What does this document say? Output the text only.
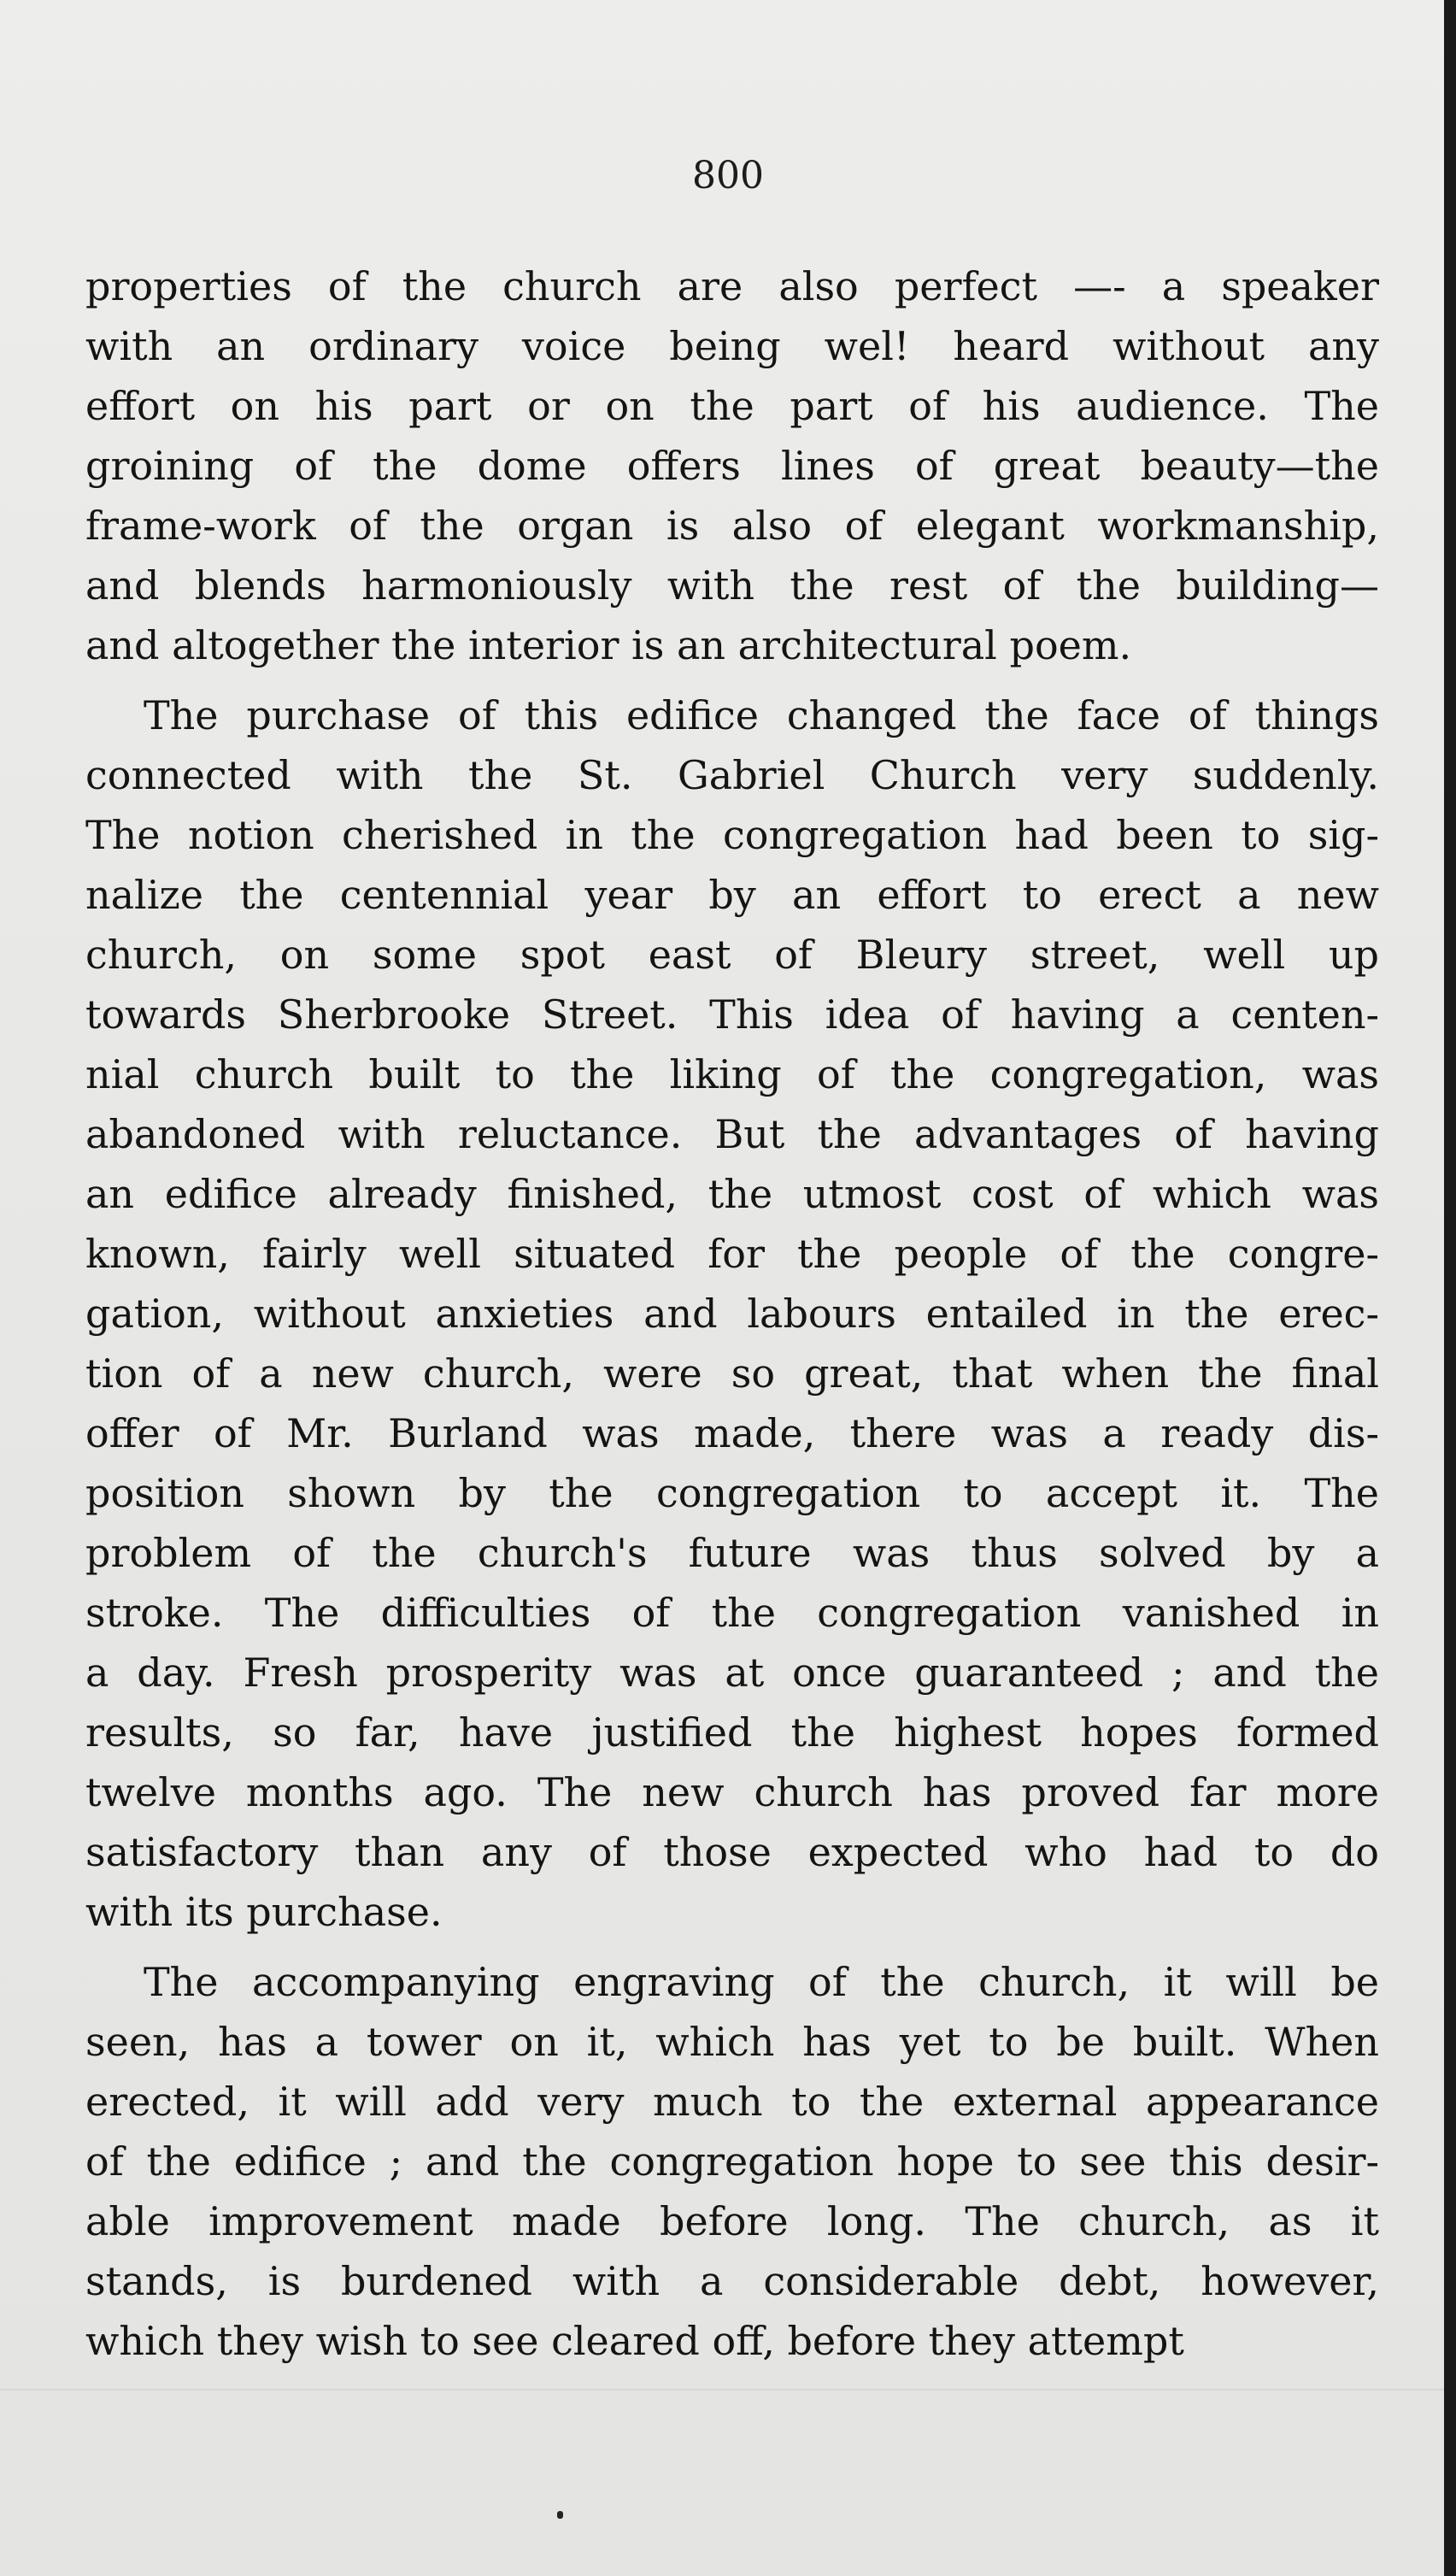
800

properties of the church are also perfect —- a speaker
with an ordinary voice being wel! heard without any
effort on his part or on the part of his audience. The
groining of the dome offers lines of great beauty—the
frame-work of the organ is also of elegant workmanship,
and blends harmoniously with the rest of the building—
and altogether the interior is an architectural poem.
The purchase of this edifice changed the face of things
connected with the St. Gabriel Church very suddenly.
The notion cherished in the congregation had been to sig-
nalize the centennial year by an effort to erect a new
church, on some spot east of Bleury street, well up
towards Sherbrooke Street. This idea of having a centen-
nial church built to the liking of the congregation, was
abandoned with reluctance. But the advantages of having
an edifice already finished, the utmost cost of which was
known, fairly well situated for the people of the congre-
gation, without anxieties and labours entailed in the erec-
tion of a new church, were so great, that when the final
offer of Mr. Burland was made, there was a ready dis-
position shown by the congregation to accept it. The
problem of the church's future was thus solved by a
stroke. The difficulties of the congregation vanished in
a day. Fresh prosperity was at once guaranteed ; and the
results, so far, have justified the highest hopes formed
twelve months ago. The new church has proved far more
satisfactory than any of those expected who had to do
with its purchase.
The accompanying engraving of the church, it will be
seen, has a tower on it, which has yet to be built. When
erected, it will add very much to the external appearance
of the edifice ; and the congregation hope to see this desir-
able improvement made before long. The church, as it
stands, is burdened with a considerable debt, however,
which they wish to see cleared off, before they attempt
